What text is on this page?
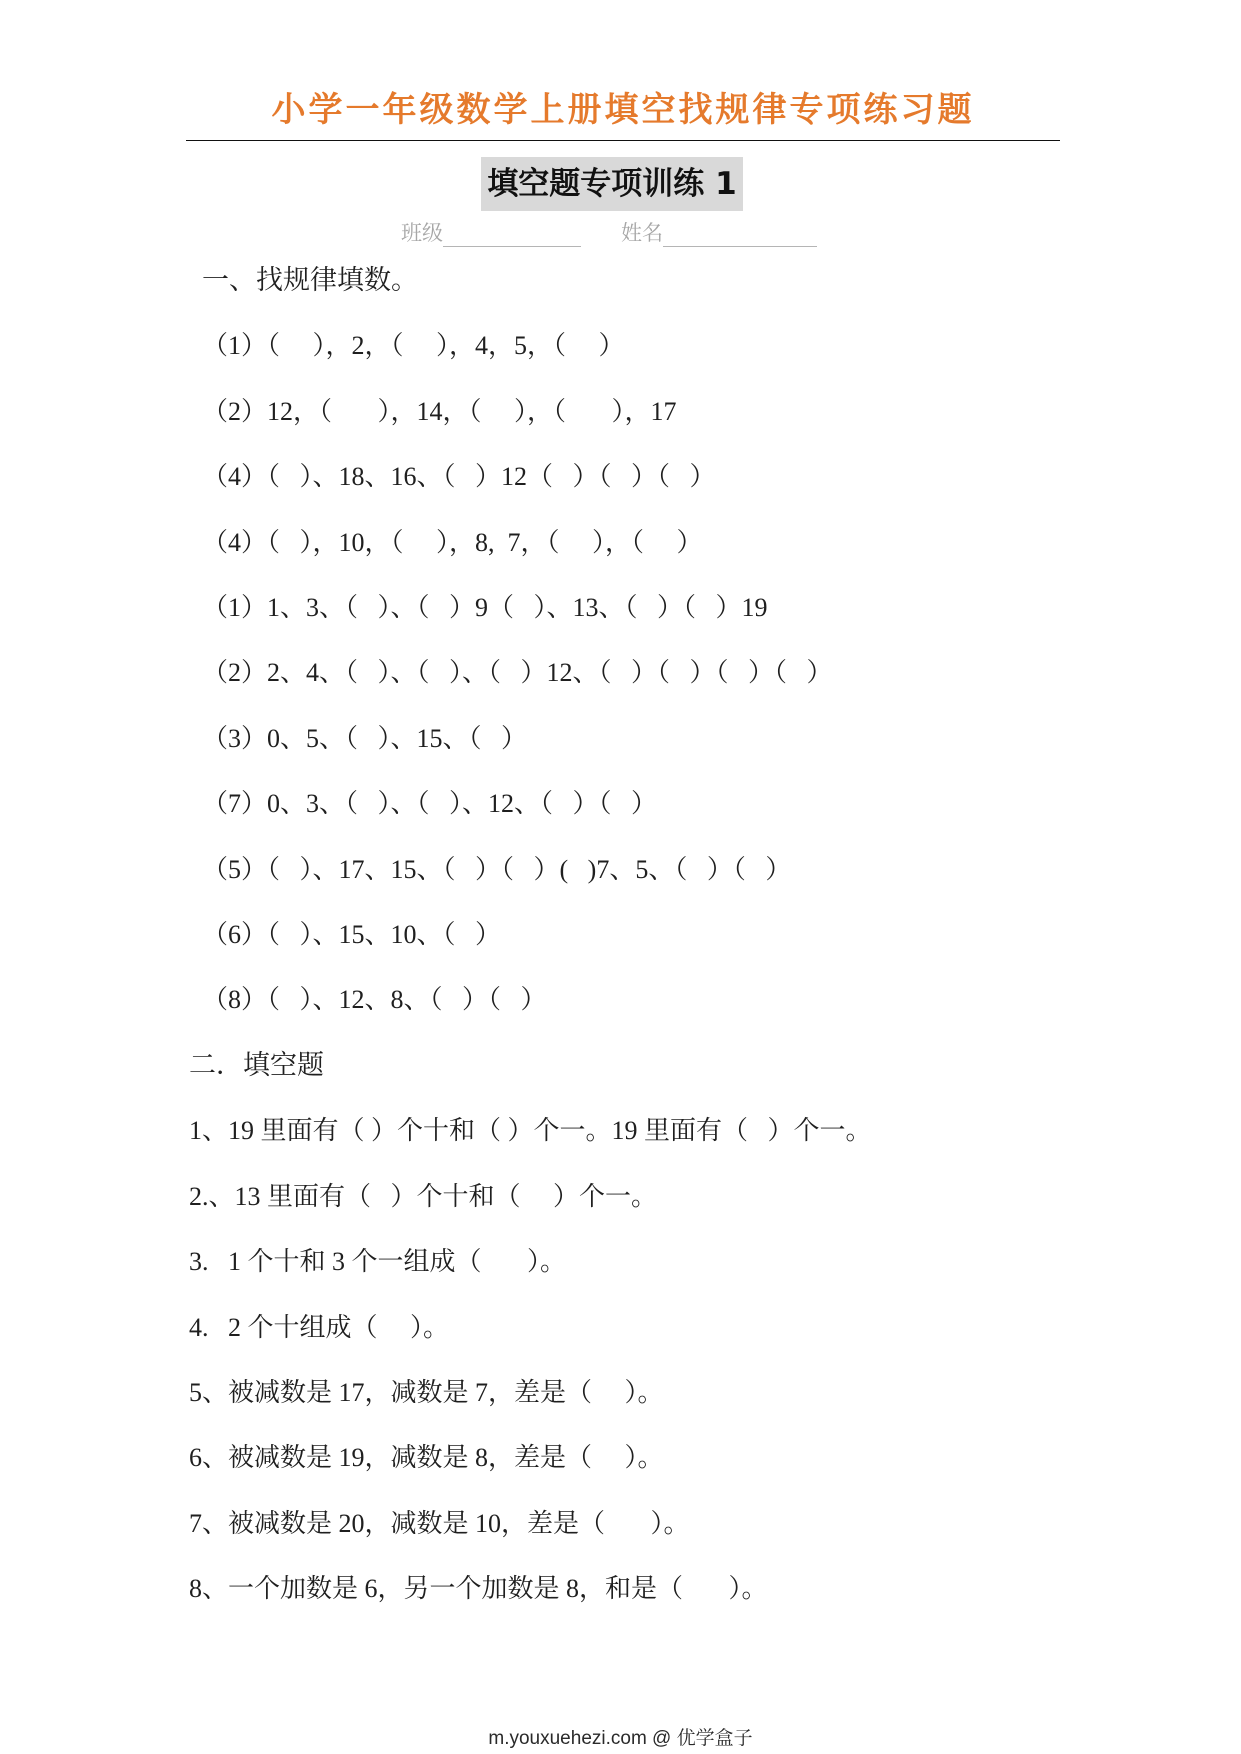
小学一年级数学上册填空找规律专项练习题
填空题专项训练 1
班级	姓名
一、找规律填数。
（1）（     ），2，（     ），4，5，（     ）
（2）12，（       ），14，（     ），（       ），17
（4）（   ）、18、16、（   ）12（   ）（   ）（   ）
（4）（   ），10，（     ），8,  7，（     ），（     ）
（1）1、3、（   ）、（   ）9（   ）、13、（   ）（   ）19
（2）2、4、（   ）、（   ）、（   ）12、（   ）（   ）（   ）（   ）
（3）0、5、（   ）、15、（   ）
（7）0、3、（   ）、（   ）、12、（   ）（   ）
（5）（   ）、17、15、（   ）（   ）(   )7、5、（   ）（   ）
（6）（   ）、15、10、（   ）
（8）（   ）、12、8、（   ）（   ）
二．填空题
1、19 里面有（ ）个十和（ ）个一。19 里面有（   ）个一。
2.、13 里面有（   ）个十和（     ）个一。
3.   1 个十和 3 个一组成（       ）。
4.   2 个十组成（     ）。
5、被减数是 17，减数是 7，差是（     ）。
6、被减数是 19，减数是 8，差是（     ）。
7、被减数是 20，减数是 10，差是（       ）。
8、一个加数是 6，另一个加数是 8，和是（       ）。
m.youxuehezi.com @ 优学盒子
